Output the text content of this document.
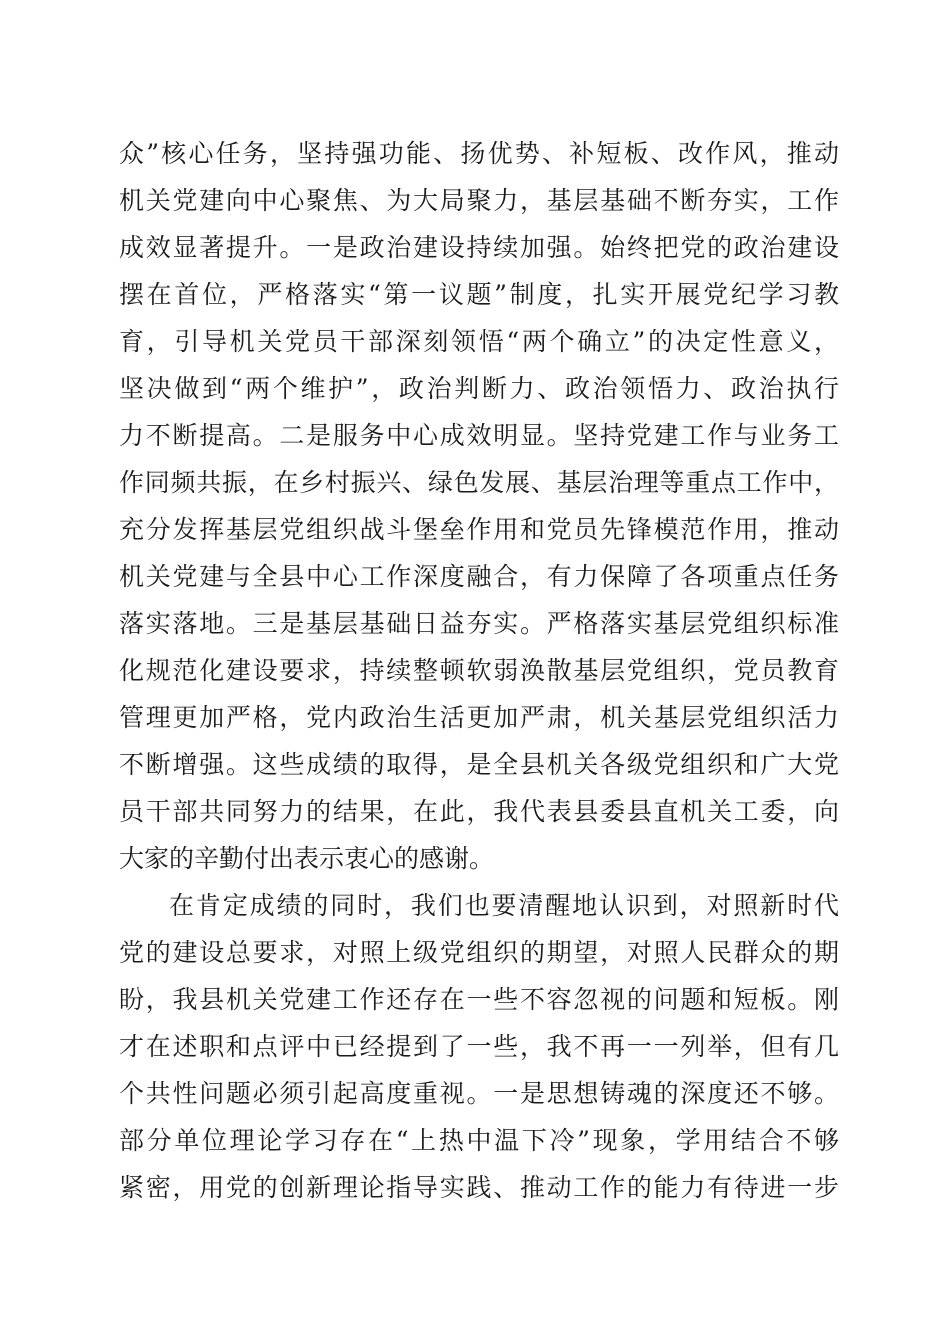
众”核心任务，坚持强功能、扬优势、补短板、改作风，推动
机关党建向中心聚焦、为大局聚力，基层基础不断夯实，工作
成效显著提升。一是政治建设持续加强。始终把党的政治建设
摆在首位，严格落实“第一议题”制度，扎实开展党纪学习教
育，引导机关党员干部深刻领悟“两个确立”的决定性意义，
坚决做到“两个维护”，政治判断力、政治领悟力、政治执行
力不断提高。二是服务中心成效明显。坚持党建工作与业务工
作同频共振，在乡村振兴、绿色发展、基层治理等重点工作中，
充分发挥基层党组织战斗堡垒作用和党员先锋模范作用，推动
机关党建与全县中心工作深度融合，有力保障了各项重点任务
落实落地。三是基层基础日益夯实。严格落实基层党组织标准
化规范化建设要求，持续整顿软弱涣散基层党组织，党员教育
管理更加严格，党内政治生活更加严肃，机关基层党组织活力
不断增强。这些成绩的取得，是全县机关各级党组织和广大党
员干部共同努力的结果，在此，我代表县委县直机关工委，向
大家的辛勤付出表示衷心的感谢。
在肯定成绩的同时，我们也要清醒地认识到，对照新时代
党的建设总要求，对照上级党组织的期望，对照人民群众的期
盼，我县机关党建工作还存在一些不容忽视的问题和短板。刚
才在述职和点评中已经提到了一些，我不再一一列举，但有几
个共性问题必须引起高度重视。一是思想铸魂的深度还不够。
部分单位理论学习存在“上热中温下冷”现象，学用结合不够
紧密，用党的创新理论指导实践、推动工作的能力有待进一步
